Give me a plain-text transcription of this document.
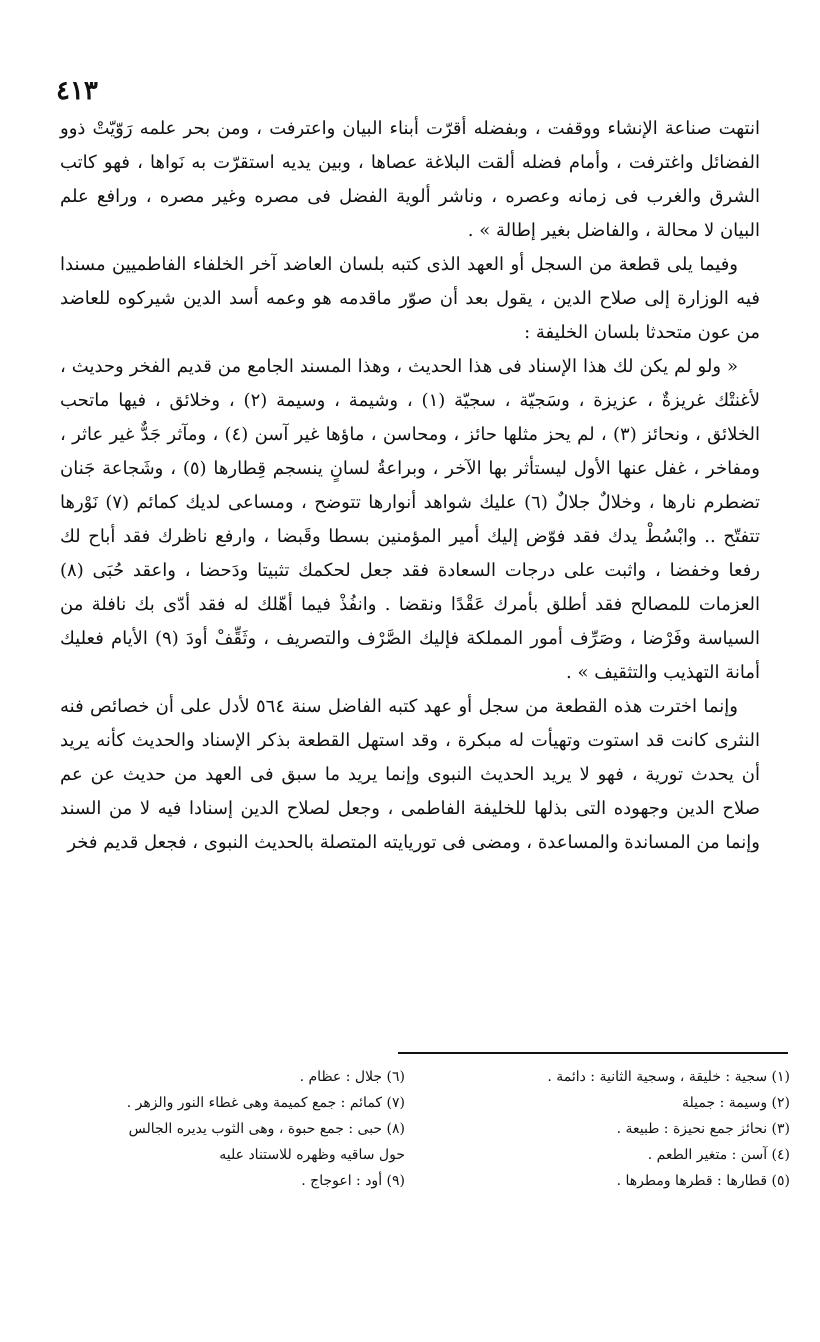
٤١٣

انتهت صناعة الإنشاء ووقفت ، وبفضله أقرّت أبناء البيان واعترفت ، ومن بحر علمه رَوّيّتْ ذوو الفضائل واغترفت ، وأمام فضله ألقت البلاغة عصاها ، وبين يديه استقرّت به نَواها ، فهو كاتب الشرق والغرب فى زمانه وعصره ، وناشر ألوية الفضل فى مصره وغير مصره ، ورافع علم البيان لا محالة ، والفاضل بغير إطالة » .

وفيما يلى قطعة من السجل أو العهد الذى كتبه بلسان العاضد آخر الخلفاء الفاطميين مسندا فيه الوزارة إلى صلاح الدين ، يقول بعد أن صوّر ماقدمه هو وعمه أسد الدين شيركوه للعاضد من عون متحدثا بلسان الخليفة :

« ولو لم يكن لك هذا الإسناد فى هذا الحديث ، وهذا المسند الجامع من قديم الفخر وحديث ، لأغنتْك غريزةٌ ، عزيزة ، وسَجيّة ، سجيّة (١) ، وشيمة ، وسيمة (٢) ، وخلائق ، فيها ماتحب الخلائق ، ونحائز (٣) ، لم يحز مثلها حائز ، ومحاسن ، ماؤها غير آسن (٤) ، ومآثر جَدٌّ غير عاثر ، ومفاخر ، غفل عنها الأول ليستأثر بها الآخر ، وبراعةُ لسانٍ ينسجم قِطارها (٥) ، وشَجاعة جَنان تضطرم نارها ، وخلالٌ جلالٌ (٦) عليك شواهد أنوارها تتوضح ، ومساعى لديك كمائم (٧) نَوْرها تتفتّح .. وابْسُطْ يدك فقد فوّض إليك أمير المؤمنين بسطا وقَبضا ، وارفع ناظرك فقد أباح لك رفعا وخفضا ، واثبت على درجات السعادة فقد جعل لحكمك تثبيتا ودَحضا ، واعقد حُبَى (٨) العزمات للمصالح فقد أطلق بأمرك عَقْدًا ونقضا . وانفُذْ فيما أهّلك له فقد أدّى بك نافلة من السياسة وفَرْضا ، وصَرِّف أمور المملكة فإليك الصَّرْف والتصريف ، وثَقِّفْ أودَ (٩) الأيام فعليك أمانة التهذيب والتثقيف » .

وإنما اخترت هذه القطعة من سجل أو عهد كتبه الفاضل سنة ٥٦٤ لأدل على أن خصائص فنه النثرى كانت قد استوت وتهيأت له مبكرة ، وقد استهل القطعة بذكر الإسناد والحديث كأنه يريد أن يحدث تورية ، فهو لا يريد الحديث النبوى وإنما يريد ما سبق فى العهد من حديث عن عم صلاح الدين وجهوده التى بذلها للخليفة الفاطمى ، وجعل لصلاح الدين إسنادا فيه لا من السند وإنما من المساندة والمساعدة ، ومضى فى توريايته المتصلة بالحديث النبوى ، فجعل قديم فخر

(١) سجية : خليقة ، وسجية الثانية : دائمة .
(٢) وسيمة : جميلة
(٣) نحائز جمع نحيزة : طبيعة .
(٤) آسن : متغير الطعم .
(٥) قطارها : قطرها ومطرها .
(٦) جلال : عظام .
(٧) كمائم : جمع كميمة وهى غطاء النور والزهر .
(٨) حبى : جمع حبوة ، وهى الثوب يديره الجالس
حول ساقيه وظهره للاستناد عليه
(٩) أود : اعوجاج .
